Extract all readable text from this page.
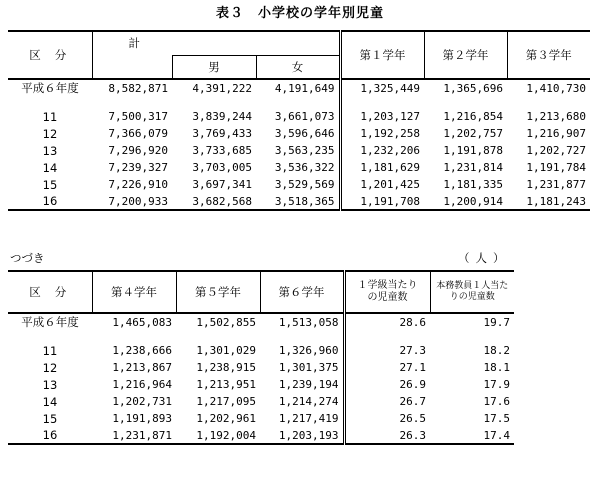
表３　小学校の学年別児童
区分	計			第１学年	第２学年	第３学年
		男	女			
平成６年度	8,582,871	4,391,222	4,191,649	1,325,449	1,365,696	1,410,730

11	7,500,317	3,839,244	3,661,073	1,203,127	1,216,854	1,213,680
12	7,366,079	3,769,433	3,596,646	1,192,258	1,202,757	1,216,907
13	7,296,920	3,733,685	3,563,235	1,232,206	1,191,878	1,202,727
14	7,239,327	3,703,005	3,536,322	1,181,629	1,231,814	1,191,784
15	7,226,910	3,697,341	3,529,569	1,201,425	1,181,335	1,231,877
16	7,200,933	3,682,568	3,518,365	1,191,708	1,200,914	1,181,243
つづき	（人）
区分	第４学年	第５学年	第６学年	１学級当たりの児童数	本務教員１人当たりの児童数

平成６年度	1,465,083	1,502,855	1,513,058	28.6	19.7

11	1,238,666	1,301,029	1,326,960	27.3	18.2
12	1,213,867	1,238,915	1,301,375	27.1	18.1
13	1,216,964	1,213,951	1,239,194	26.9	17.9
14	1,202,731	1,217,095	1,214,274	26.7	17.6
15	1,191,893	1,202,961	1,217,419	26.5	17.5
16	1,231,871	1,192,004	1,203,193	26.3	17.4
